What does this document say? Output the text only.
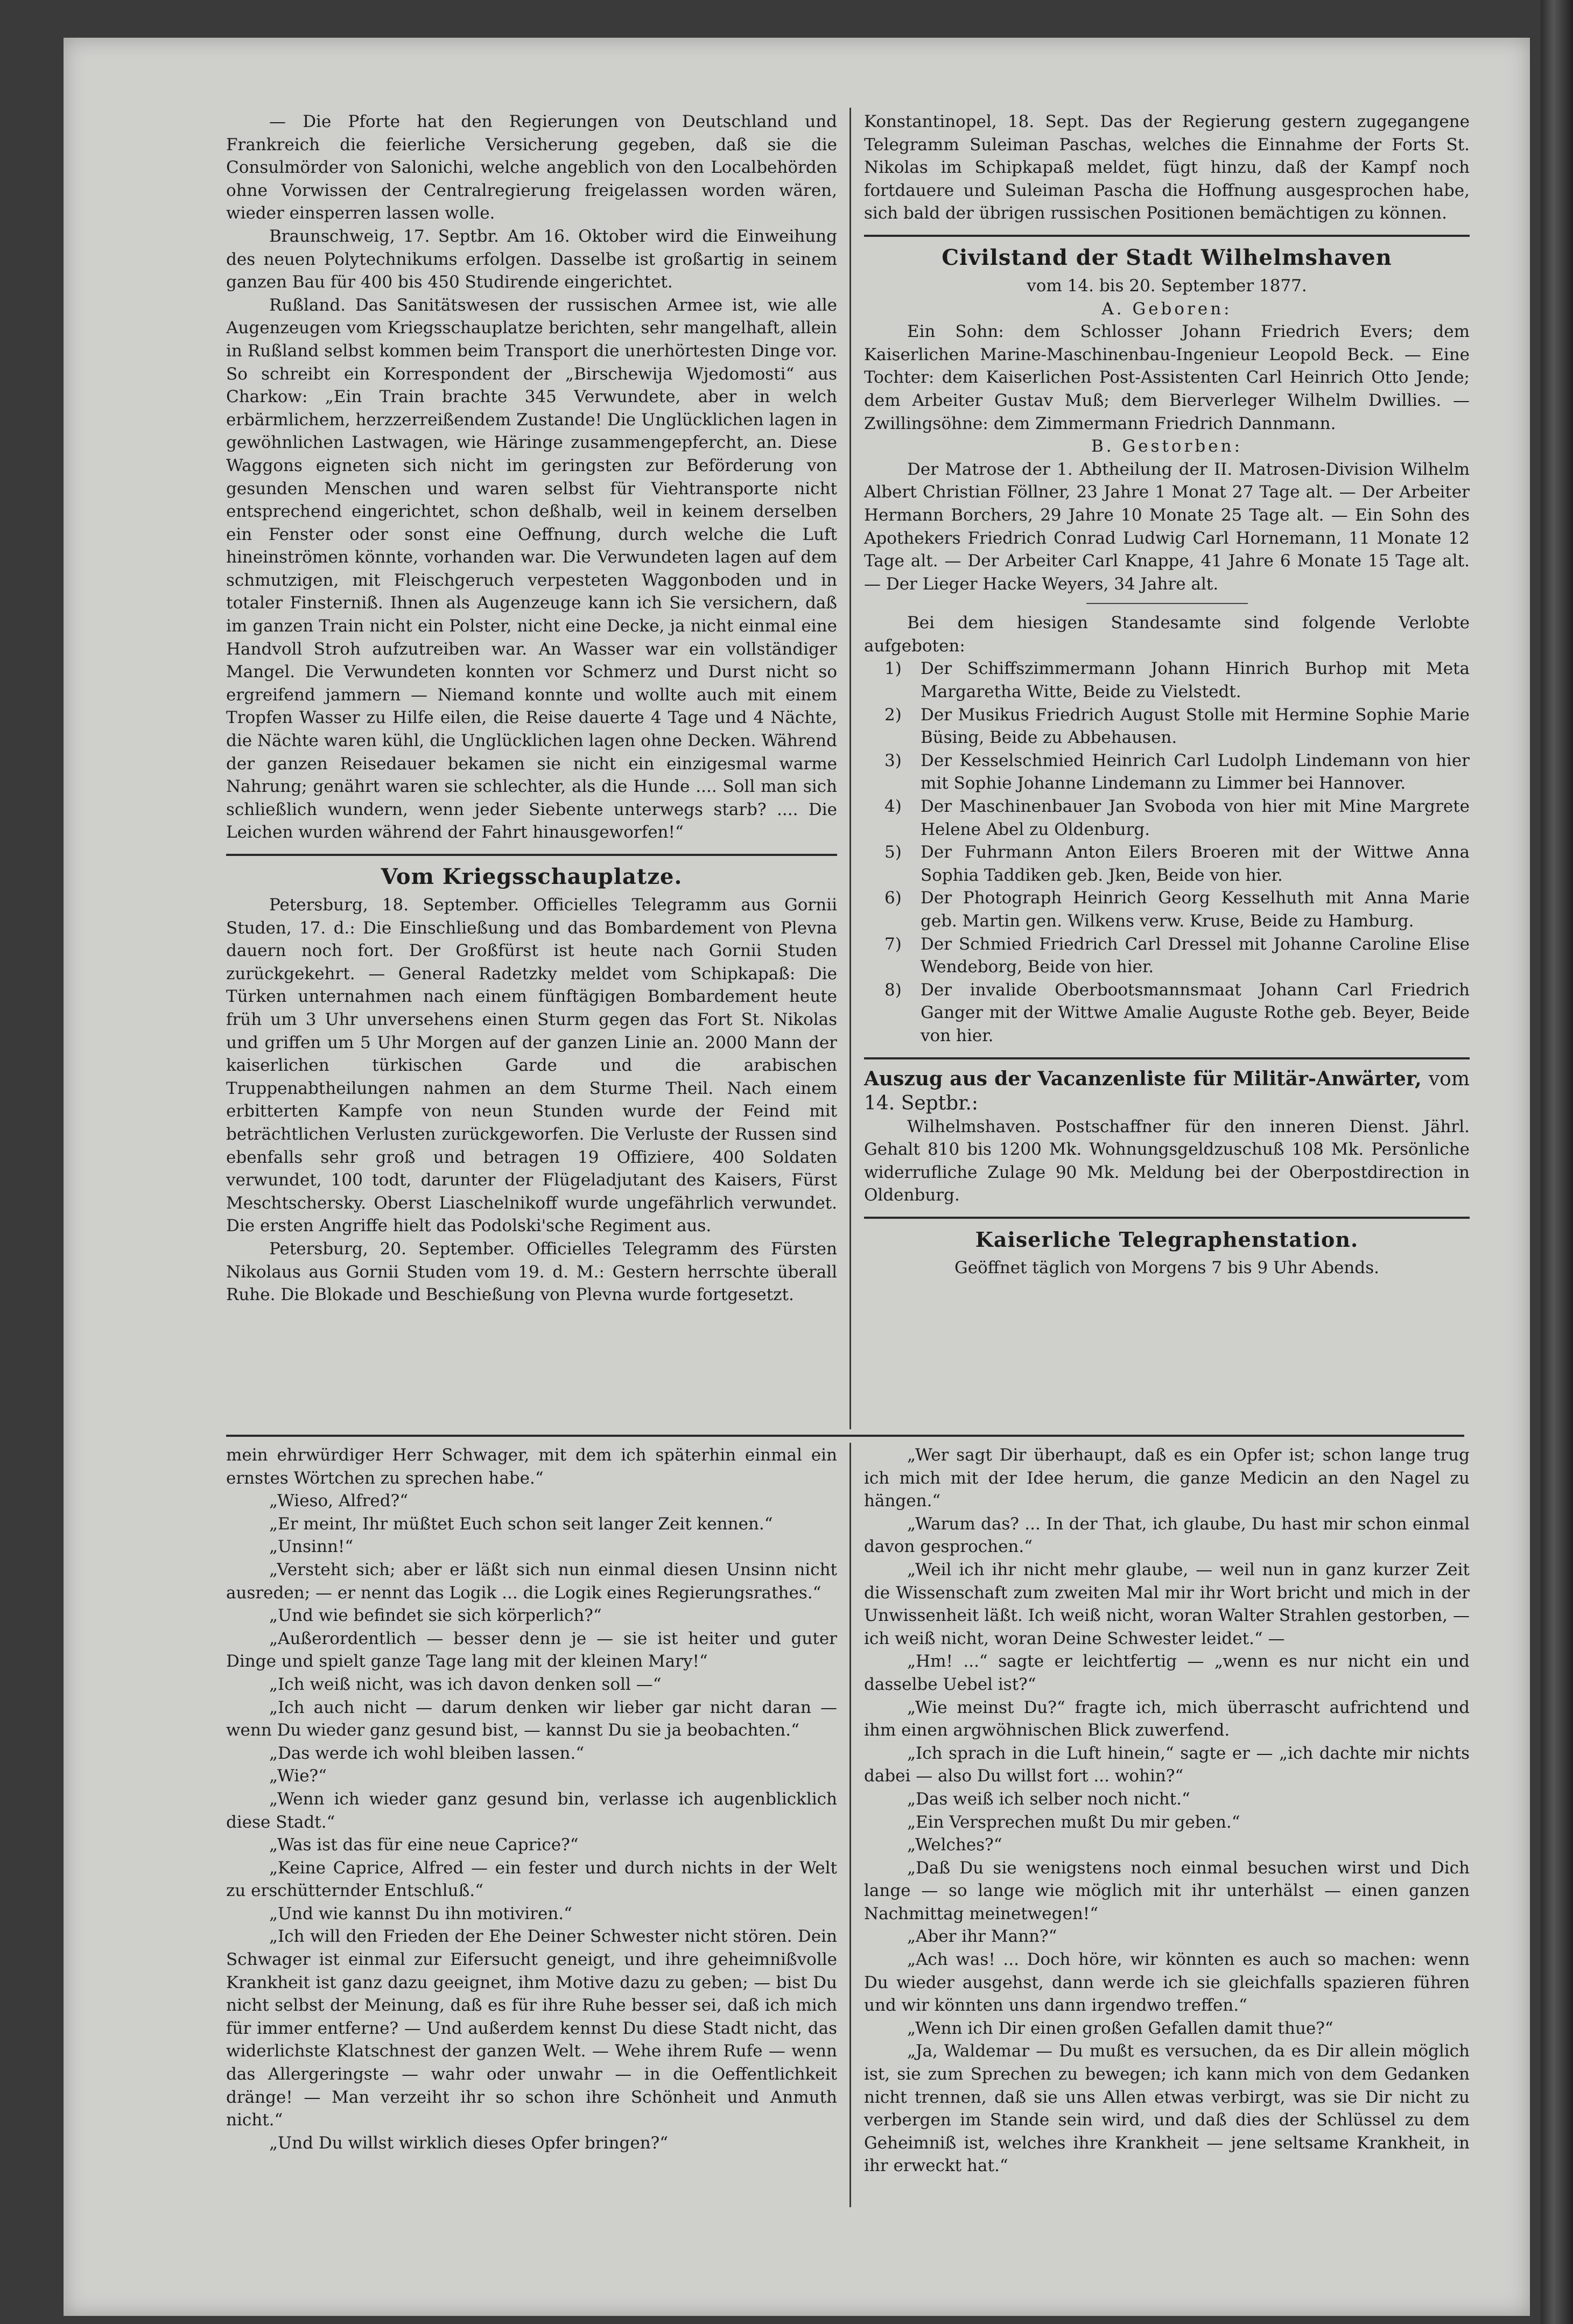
— Die Pforte hat den Regierungen von Deutschland und Frankreich die feierliche Versicherung gegeben, daß sie die Consulmörder von Salonichi, welche angeblich von den Localbehörden ohne Vorwissen der Centralregierung freigelassen worden wären, wieder einsperren lassen wolle.

Braunschweig, 17. Septbr. Am 16. Oktober wird die Einweihung des neuen Polytechnikums erfolgen. Dasselbe ist großartig in seinem ganzen Bau für 400 bis 450 Studirende eingerichtet.

Rußland. Das Sanitätswesen der russischen Armee ist, wie alle Augenzeugen vom Kriegsschauplatze berichten, sehr mangelhaft, allein in Rußland selbst kommen beim Transport die unerhörtesten Dinge vor. So schreibt ein Korrespondent der „Birschewija Wjedomosti“ aus Charkow: „Ein Train brachte 345 Verwundete, aber in welch erbärmlichem, herzzerreißendem Zustande! Die Unglücklichen lagen in gewöhnlichen Lastwagen, wie Häringe zusammengepfercht, an. Diese Waggons eigneten sich nicht im geringsten zur Beförderung von gesunden Menschen und waren selbst für Viehtransporte nicht entsprechend eingerichtet, schon deßhalb, weil in keinem derselben ein Fenster oder sonst eine Oeffnung, durch welche die Luft hineinströmen könnte, vorhanden war. Die Verwundeten lagen auf dem schmutzigen, mit Fleischgeruch verpesteten Waggonboden und in totaler Finsterniß. Ihnen als Augenzeuge kann ich Sie versichern, daß im ganzen Train nicht ein Polster, nicht eine Decke, ja nicht einmal eine Handvoll Stroh aufzutreiben war. An Wasser war ein vollständiger Mangel. Die Verwundeten konnten vor Schmerz und Durst nicht so ergreifend jammern — Niemand konnte und wollte auch mit einem Tropfen Wasser zu Hilfe eilen, die Reise dauerte 4 Tage und 4 Nächte, die Nächte waren kühl, die Unglücklichen lagen ohne Decken. Während der ganzen Reisedauer bekamen sie nicht ein einzigesmal warme Nahrung; genährt waren sie schlechter, als die Hunde .... Soll man sich schließlich wundern, wenn jeder Siebente unterwegs starb? .... Die Leichen wurden während der Fahrt hinausgeworfen!“

Vom Kriegsschauplatze.

Petersburg, 18. September. Officielles Telegramm aus Gornii Studen, 17. d.: Die Einschließung und das Bombardement von Plevna dauern noch fort. Der Großfürst ist heute nach Gornii Studen zurückgekehrt. — General Radetzky meldet vom Schipkapaß: Die Türken unternahmen nach einem fünftägigen Bombardement heute früh um 3 Uhr unversehens einen Sturm gegen das Fort St. Nikolas und griffen um 5 Uhr Morgen auf der ganzen Linie an. 2000 Mann der kaiserlichen türkischen Garde und die arabischen Truppenabtheilungen nahmen an dem Sturme Theil. Nach einem erbitterten Kampfe von neun Stunden wurde der Feind mit beträchtlichen Verlusten zurückgeworfen. Die Verluste der Russen sind ebenfalls sehr groß und betragen 19 Offiziere, 400 Soldaten verwundet, 100 todt, darunter der Flügeladjutant des Kaisers, Fürst Meschtschersky. Oberst Liaschelnikoff wurde ungefährlich verwundet. Die ersten Angriffe hielt das Podolski'sche Regiment aus.

Petersburg, 20. September. Officielles Telegramm des Fürsten Nikolaus aus Gornii Studen vom 19. d. M.: Gestern herrschte überall Ruhe. Die Blokade und Beschießung von Plevna wurde fortgesetzt.

Konstantinopel, 18. Sept. Das der Regierung gestern zugegangene Telegramm Suleiman Paschas, welches die Einnahme der Forts St. Nikolas im Schipkapaß meldet, fügt hinzu, daß der Kampf noch fortdauere und Suleiman Pascha die Hoffnung ausgesprochen habe, sich bald der übrigen russischen Positionen bemächtigen zu können.

Civilstand der Stadt Wilhelmshaven

vom 14. bis 20. September 1877.

A. Geboren:

Ein Sohn: dem Schlosser Johann Friedrich Evers; dem Kaiserlichen Marine-Maschinenbau-Ingenieur Leopold Beck. — Eine Tochter: dem Kaiserlichen Post-Assistenten Carl Heinrich Otto Jende; dem Arbeiter Gustav Muß; dem Bierverleger Wilhelm Dwillies. — Zwillingsöhne: dem Zimmermann Friedrich Dannmann.

B. Gestorben:

Der Matrose der 1. Abtheilung der II. Matrosen-Division Wilhelm Albert Christian Föllner, 23 Jahre 1 Monat 27 Tage alt. — Der Arbeiter Hermann Borchers, 29 Jahre 10 Monate 25 Tage alt. — Ein Sohn des Apothekers Friedrich Conrad Ludwig Carl Hornemann, 11 Monate 12 Tage alt. — Der Arbeiter Carl Knappe, 41 Jahre 6 Monate 15 Tage alt. — Der Lieger Hacke Weyers, 34 Jahre alt.

Bei dem hiesigen Standesamte sind folgende Verlobte aufgeboten:

1) Der Schiffszimmermann Johann Hinrich Burhop mit Meta Margaretha Witte, Beide zu Vielstedt.

2) Der Musikus Friedrich August Stolle mit Hermine Sophie Marie Büsing, Beide zu Abbehausen.

3) Der Kesselschmied Heinrich Carl Ludolph Lindemann von hier mit Sophie Johanne Lindemann zu Limmer bei Hannover.

4) Der Maschinenbauer Jan Svoboda von hier mit Mine Margrete Helene Abel zu Oldenburg.

5) Der Fuhrmann Anton Eilers Broeren mit der Wittwe Anna Sophia Taddiken geb. Jken, Beide von hier.

6) Der Photograph Heinrich Georg Kesselhuth mit Anna Marie geb. Martin gen. Wilkens verw. Kruse, Beide zu Hamburg.

7) Der Schmied Friedrich Carl Dressel mit Johanne Caroline Elise Wendeborg, Beide von hier.

8) Der invalide Oberbootsmannsmaat Johann Carl Friedrich Ganger mit der Wittwe Amalie Auguste Rothe geb. Beyer, Beide von hier.

Auszug aus der Vacanzenliste für Militär-Anwärter, vom 14. Septbr.:

Wilhelmshaven. Postschaffner für den inneren Dienst. Jährl. Gehalt 810 bis 1200 Mk. Wohnungsgeldzuschuß 108 Mk. Persönliche widerrufliche Zulage 90 Mk. Meldung bei der Oberpostdirection in Oldenburg.

Kaiserliche Telegraphenstation.

Geöffnet täglich von Morgens 7 bis 9 Uhr Abends.

mein ehrwürdiger Herr Schwager, mit dem ich späterhin einmal ein ernstes Wörtchen zu sprechen habe.“

„Wieso, Alfred?“

„Er meint, Ihr müßtet Euch schon seit langer Zeit kennen.“

„Unsinn!“

„Versteht sich; aber er läßt sich nun einmal diesen Unsinn nicht ausreden; — er nennt das Logik ... die Logik eines Regierungsrathes.“

„Und wie befindet sie sich körperlich?“

„Außerordentlich — besser denn je — sie ist heiter und guter Dinge und spielt ganze Tage lang mit der kleinen Mary!“

„Ich weiß nicht, was ich davon denken soll —“

„Ich auch nicht — darum denken wir lieber gar nicht daran — wenn Du wieder ganz gesund bist, — kannst Du sie ja beobachten.“

„Das werde ich wohl bleiben lassen.“

„Wie?“

„Wenn ich wieder ganz gesund bin, verlasse ich augenblicklich diese Stadt.“

„Was ist das für eine neue Caprice?“

„Keine Caprice, Alfred — ein fester und durch nichts in der Welt zu erschütternder Entschluß.“

„Und wie kannst Du ihn motiviren.“

„Ich will den Frieden der Ehe Deiner Schwester nicht stören. Dein Schwager ist einmal zur Eifersucht geneigt, und ihre geheimnißvolle Krankheit ist ganz dazu geeignet, ihm Motive dazu zu geben; — bist Du nicht selbst der Meinung, daß es für ihre Ruhe besser sei, daß ich mich für immer entferne? — Und außerdem kennst Du diese Stadt nicht, das widerlichste Klatschnest der ganzen Welt. — Wehe ihrem Rufe — wenn das Allergeringste — wahr oder unwahr — in die Oeffentlichkeit dränge! — Man verzeiht ihr so schon ihre Schönheit und Anmuth nicht.“

„Und Du willst wirklich dieses Opfer bringen?“

„Wer sagt Dir überhaupt, daß es ein Opfer ist; schon lange trug ich mich mit der Idee herum, die ganze Medicin an den Nagel zu hängen.“

„Warum das? ... In der That, ich glaube, Du hast mir schon einmal davon gesprochen.“

„Weil ich ihr nicht mehr glaube, — weil nun in ganz kurzer Zeit die Wissenschaft zum zweiten Mal mir ihr Wort bricht und mich in der Unwissenheit läßt. Ich weiß nicht, woran Walter Strahlen gestorben, — ich weiß nicht, woran Deine Schwester leidet.“ —

„Hm! ...“ sagte er leichtfertig — „wenn es nur nicht ein und dasselbe Uebel ist?“

„Wie meinst Du?“ fragte ich, mich überrascht aufrichtend und ihm einen argwöhnischen Blick zuwerfend.

„Ich sprach in die Luft hinein,“ sagte er — „ich dachte mir nichts dabei — also Du willst fort ... wohin?“

„Das weiß ich selber noch nicht.“

„Ein Versprechen mußt Du mir geben.“

„Welches?“

„Daß Du sie wenigstens noch einmal besuchen wirst und Dich lange — so lange wie möglich mit ihr unterhälst — einen ganzen Nachmittag meinetwegen!“

„Aber ihr Mann?“

„Ach was! ... Doch höre, wir könnten es auch so machen: wenn Du wieder ausgehst, dann werde ich sie gleichfalls spazieren führen und wir könnten uns dann irgendwo treffen.“

„Wenn ich Dir einen großen Gefallen damit thue?“

„Ja, Waldemar — Du mußt es versuchen, da es Dir allein möglich ist, sie zum Sprechen zu bewegen; ich kann mich von dem Gedanken nicht trennen, daß sie uns Allen etwas verbirgt, was sie Dir nicht zu verbergen im Stande sein wird, und daß dies der Schlüssel zu dem Geheimniß ist, welches ihre Krankheit — jene seltsame Krankheit, in ihr erweckt hat.“
